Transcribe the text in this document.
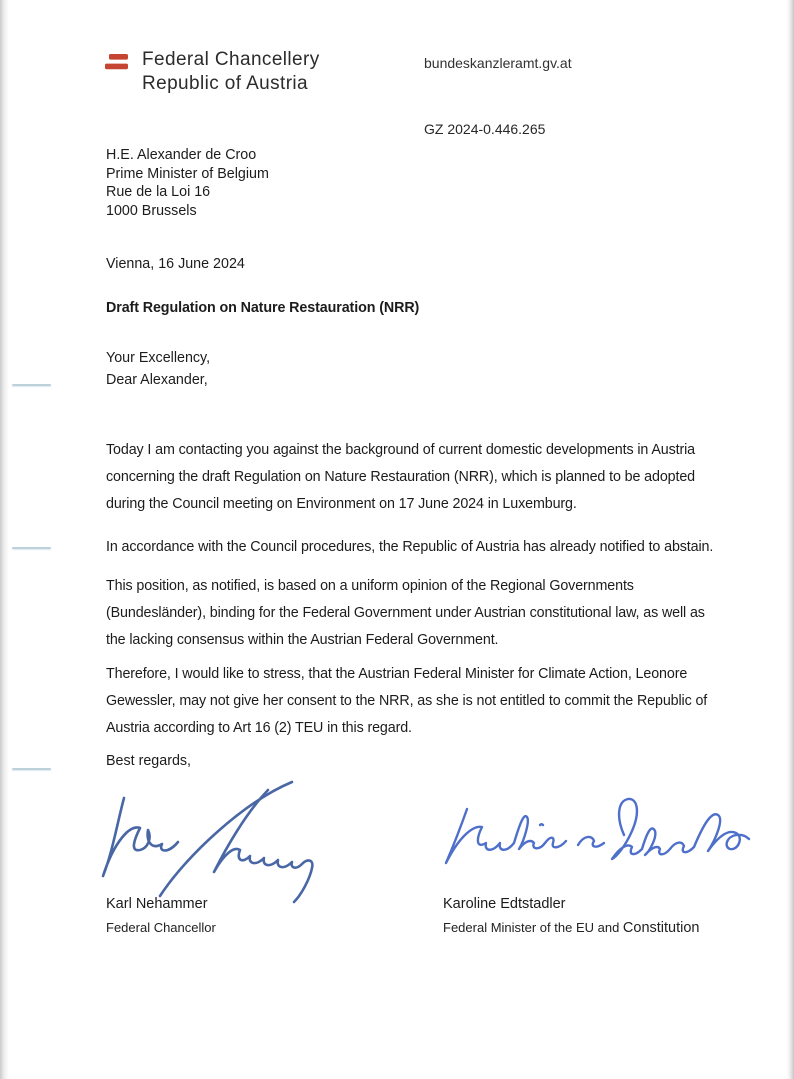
Federal Chancellery
Republic of Austria
bundeskanzleramt.gv.at
GZ 2024-0.446.265
H.E. Alexander de Croo
Prime Minister of Belgium
Rue de la Loi 16
1000 Brussels
Vienna, 16 June 2024
Draft Regulation on Nature Restauration (NRR)
Your Excellency,
Dear Alexander,
Today I am contacting you against the background of current domestic developments in Austria
concerning the draft Regulation on Nature Restauration (NRR), which is planned to be adopted
during the Council meeting on Environment on 17 June 2024 in Luxemburg.
In accordance with the Council procedures, the Republic of Austria has already notified to abstain.
This position, as notified, is based on a uniform opinion of the Regional Governments
(Bundesländer), binding for the Federal Government under Austrian constitutional law, as well as
the lacking consensus within the Austrian Federal Government.
Therefore, I would like to stress, that the Austrian Federal Minister for Climate Action, Leonore
Gewessler, may not give her consent to the NRR, as she is not entitled to commit the Republic of
Austria according to Art 16 (2) TEU in this regard.
Best regards,
Karl Nehammer
Federal Chancellor
Karoline Edtstadler
Federal Minister of the EU and Constitution
